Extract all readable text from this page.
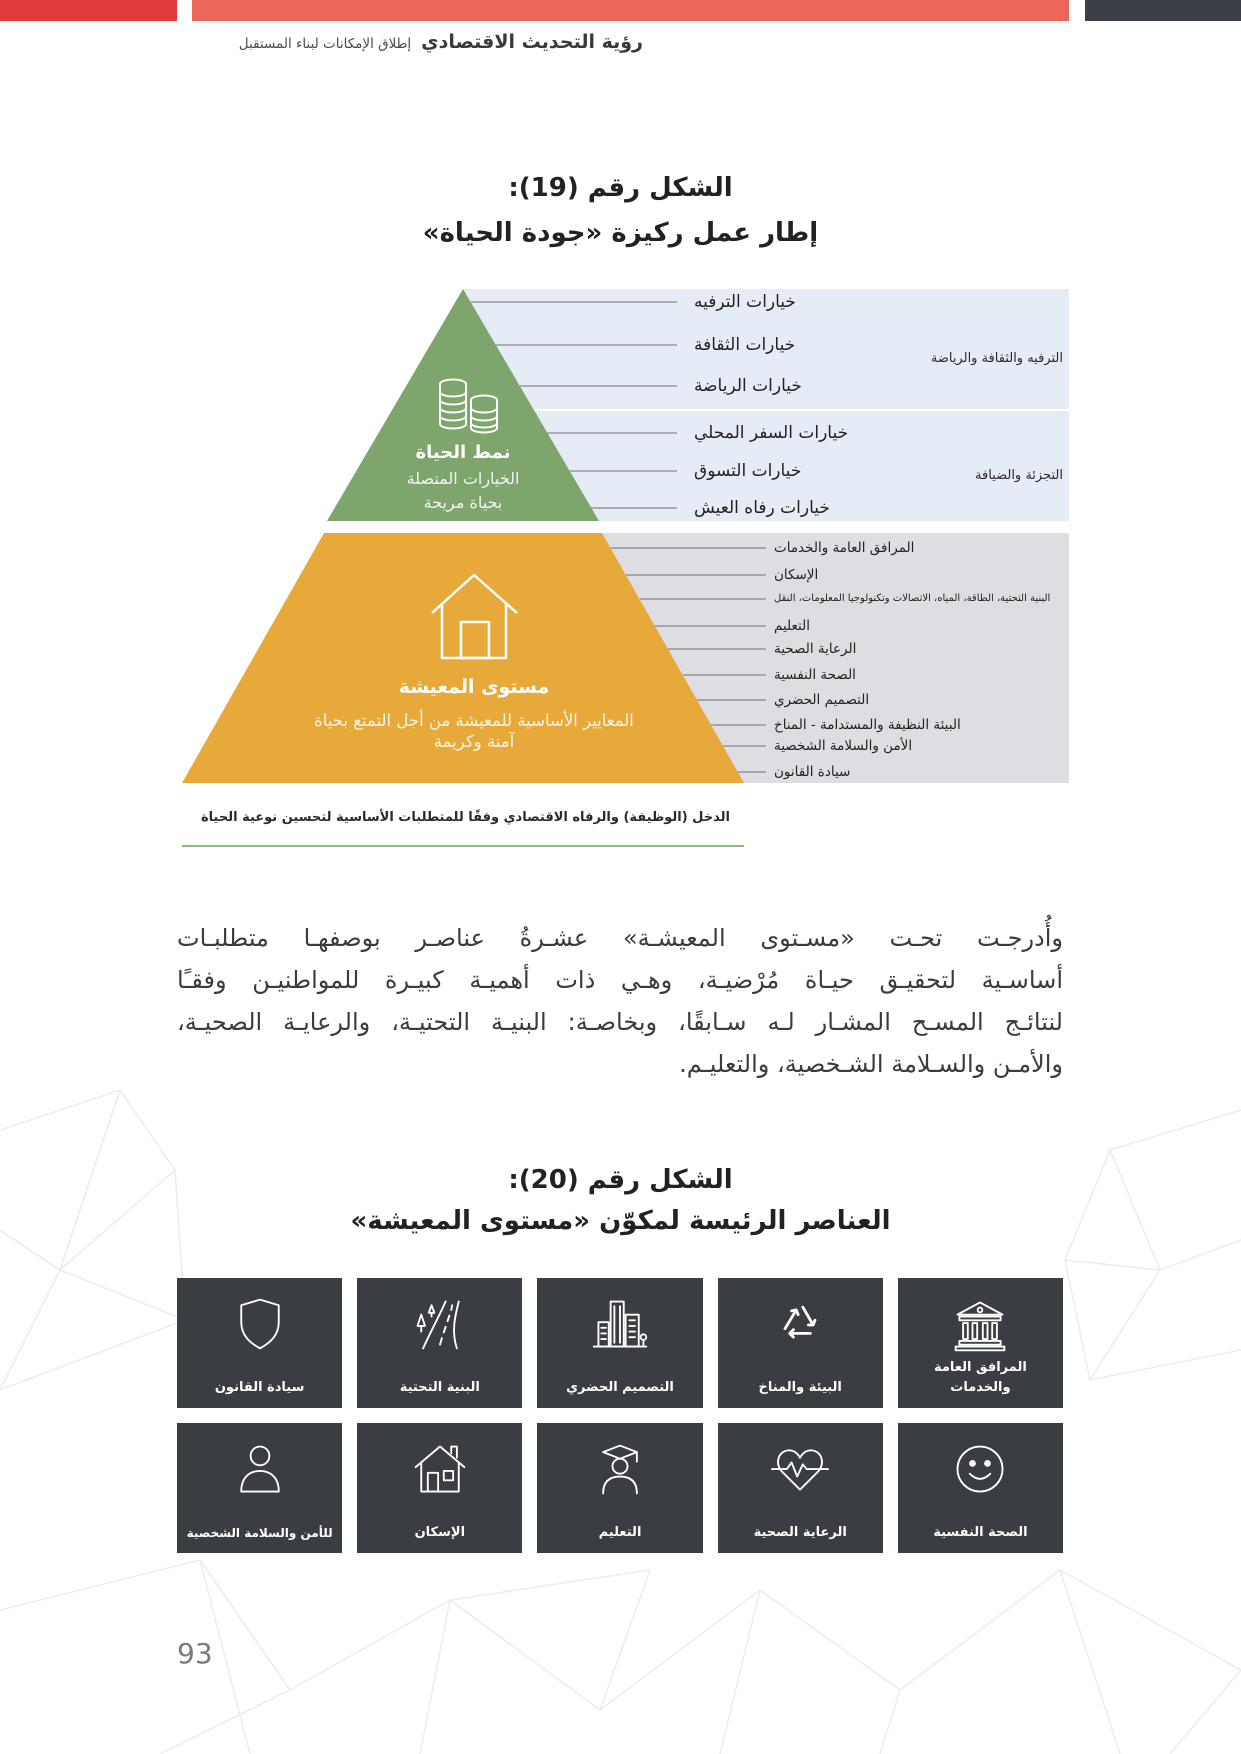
رؤية التحديث الاقتصادي
إطلاق الإمكانات لبناء المستقبل
الشكل رقم (19):
إطار عمل ركيزة «جودة الحياة»
خيارات الترفيه
خيارات الثقافة
خيارات الرياضة
خيارات السفر المحلي
خيارات التسوق
خيارات رفاه العيش
الترفيه والثقافة والرياضة
التجزئة والضيافة
المرافق العامة والخدمات
الإسكان
البنية التحتية، الطاقة، المياه، الاتصالات وتكنولوجيا المعلومات، النقل
التعليم
الرعاية الصحية
الصحة النفسية
التصميم الحضري
البيئة النظيفة والمستدامة - المناخ
الأمن والسلامة الشخصية
سيادة القانون
نمط الحياة
الخيارات المتصلة
بحياة مريحة
مستوى المعيشة
المعايير الأساسية للمعيشة من أجل التمتع بحياة
آمنة وكريمة
الدخل (الوظيفة) والرفاه الاقتصادي وفقًا للمتطلبات الأساسية لتحسين نوعية الحياة
وأُدرجـت تحـت «مسـتوى المعيشـة» عشـرةُ عناصـر بوصفهـا متطلبـات
أساسـية لتحقيـق حيـاة مُرْضيـة، وهـي ذات أهميـة كبيـرة للمواطنيـن وفقـًا
لنتائـج المسـح المشـار لـه سـابقًا، وبخاصـة: البنيـة التحتيـة، والرعايـة الصحيـة،
والأمـن والسـلامة الشـخصية، والتعليـم.
الشكل رقم (20):
العناصر الرئيسة لمكوّن «مستوى المعيشة»
المرافق العامة والخدمات
البيئة والمناخ
التصميم الحضري
البنية التحتية
سيادة القانون
الصحة النفسية
الرعاية الصحية
التعليم
الإسكان
للأمن والسلامة الشخصية
93
